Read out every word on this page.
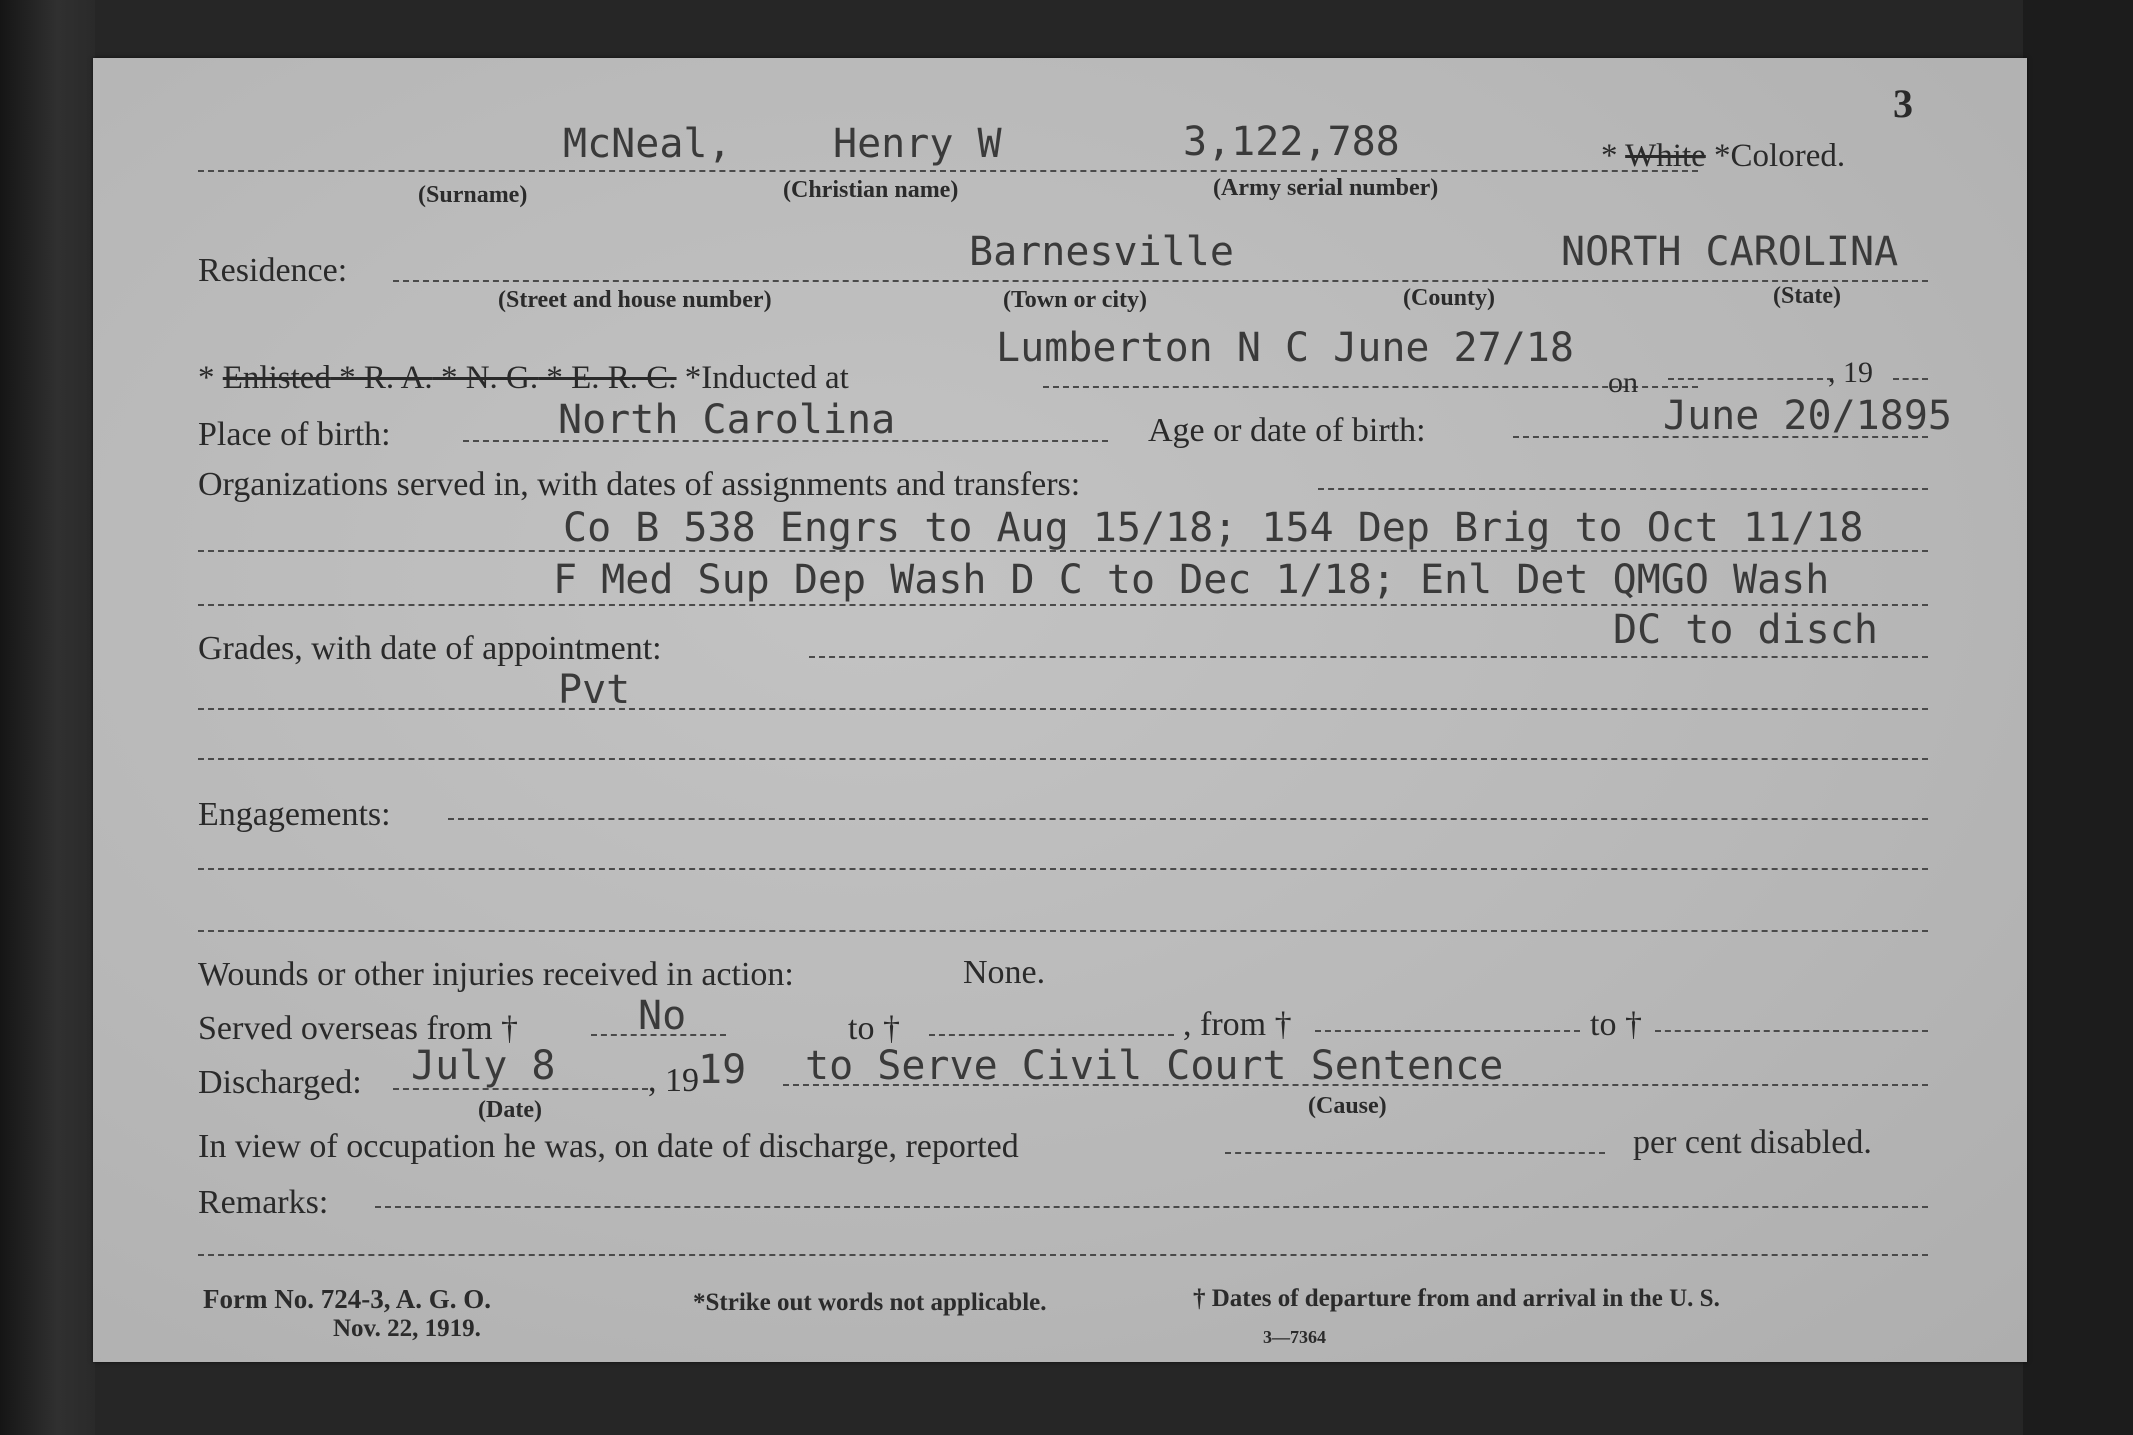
3
McNeal,	Henry W	3,122,788	* White *Colored.
(Surname)	(Christian name)	(Army serial number)
Residence:	Barnesville	NORTH CAROLINA
(Street and house number)	(Town or city)	(County)	(State)
* Enlisted * R. A. * N. G. * E. R. C. *Inducted at
Lumberton N C June 27/18
on	, 19
Place of birth:	North Carolina	Age or date of birth:	June 20/1895
Organizations served in, with dates of assignments and transfers:
Co B 538 Engrs to Aug 15/18; 154 Dep Brig to Oct 11/18
F Med Sup Dep Wash D C to Dec 1/18; Enl Det QMGO Wash
DC to disch
Grades, with date of appointment:
Pvt
Engagements:
Wounds or other injuries received in action:	None.
Served overseas from †	No	to †	, from †	to †
Discharged: July 8	, 19 19 to Serve Civil Court Sentence
(Date)	(Cause)
In view of occupation he was, on date of discharge, reported	per cent disabled.
Remarks:
Form No. 724-3, A. G. O.
Nov. 22, 1919.
*Strike out words not applicable.	† Dates of departure from and arrival in the U. S.
3—7364
